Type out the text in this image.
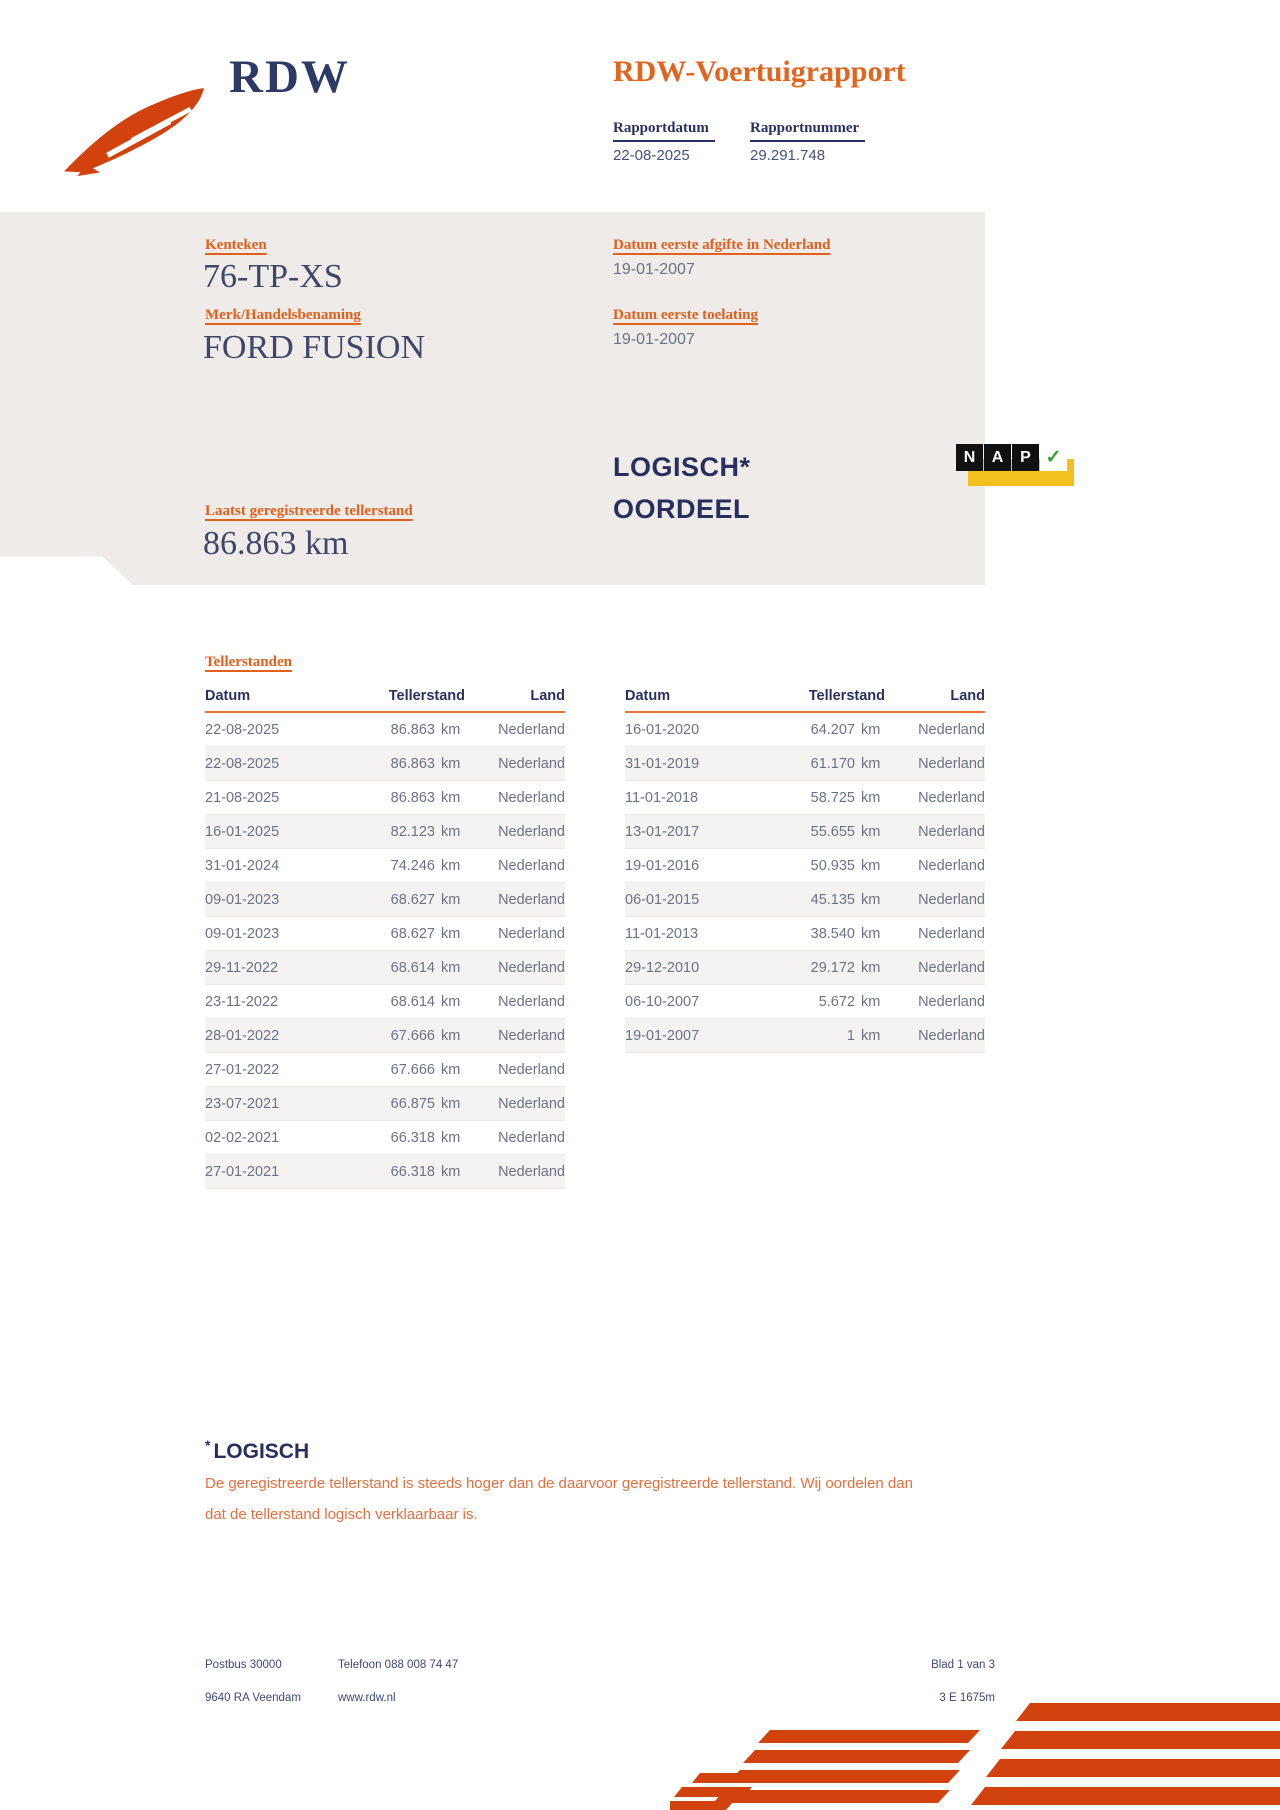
RDW	RDW-Voertuigrapport
Rapportdatum
22-08-2025
Rapportnummer
29.291.748
Kenteken
76-TP-XS
Merk/Handelsbenaming
FORD FUSION
Laatst geregistreerde tellerstand
86.863 km
Datum eerste afgifte in Nederland
19-01-2007
Datum eerste toelating
19-01-2007
LOGISCH*
OORDEEL
N	A	P ✓
Tellerstanden
Datum	Tellerstand	Land
22-08-2025	86.863 km	Nederland
22-08-2025	86.863 km	Nederland
21-08-2025	86.863 km	Nederland
16-01-2025	82.123 km	Nederland
31-01-2024	74.246 km	Nederland
09-01-2023	68.627 km	Nederland
09-01-2023	68.627 km	Nederland
29-11-2022	68.614 km	Nederland
23-11-2022	68.614 km	Nederland
28-01-2022	67.666 km	Nederland
27-01-2022	67.666 km	Nederland
23-07-2021	66.875 km	Nederland
02-02-2021	66.318 km	Nederland
27-01-2021	66.318 km	Nederland
Datum	Tellerstand	Land
16-01-2020	64.207 km	Nederland
31-01-2019	61.170 km	Nederland
11-01-2018	58.725 km	Nederland
13-01-2017	55.655 km	Nederland
19-01-2016	50.935 km	Nederland
06-01-2015	45.135 km	Nederland
11-01-2013	38.540 km	Nederland
29-12-2010	29.172 km	Nederland
06-10-2007	5.672 km	Nederland
19-01-2007	1 km	Nederland
* LOGISCH
De geregistreerde tellerstand is steeds hoger dan de daarvoor geregistreerde tellerstand. Wij oordelen dan
dat de tellerstand logisch verklaarbaar is.
Postbus 30000
9640 RA Veendam
Telefoon 088 008 74 47
www.rdw.nl
Blad 1 van 3
3 E 1675m
